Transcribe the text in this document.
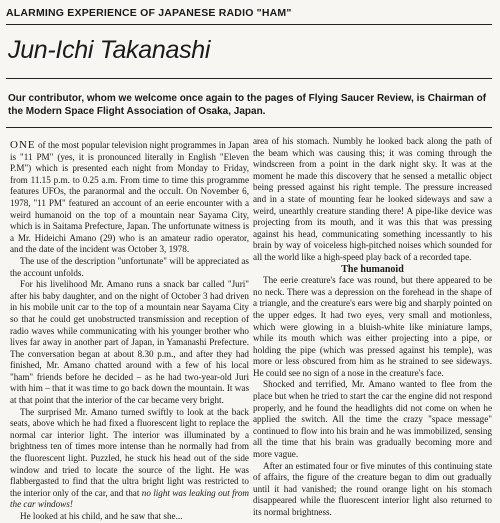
ALARMING EXPERIENCE OF JAPANESE RADIO "HAM"
Jun-Ichi Takanashi

Our contributor, whom we welcome once again to the pages of Flying Saucer Review, is Chairman of the Modern Space Flight Association of Osaka, Japan.

ONE of the most popular television night programmes in Japan is "11 PM" (yes, it is pronounced literally in English "Eleven P.M") which is presented each night from Monday to Friday, from 11.15 p.m. to 0.25 a.m. From time to time this programme features UFOs, the paranormal and the occult. On November 6, 1978, "11 PM" featured an account of an eerie encounter with a weird humanoid on the top of a mountain near Sayama City, which is in Saitama Prefecture, Japan. The unfortunate witness is a Mr. Hideichi Amano (29) who is an amateur radio operator, and the date of the incident was October 3, 1978.

The use of the description "unfortunate" will be appreciated as the account unfolds.

For his livelihood Mr. Amano runs a snack bar called "Juri" after his baby daughter, and on the night of October 3 had driven in his mobile unit car to the top of a mountain near Sayama City so that he could get unobstructed transmission and reception of radio waves while communicating with his younger brother who lives far away in another part of Japan, in Yamanashi Prefecture. The conversation began at about 8.30 p.m., and after they had finished, Mr. Amano chatted around with a few of his local "ham" friends before he decided – as he had two-year-old Juri with him – that it was time to go back down the mountain. It was at that point that the interior of the car became very bright.

The surprised Mr. Amano turned swiftly to look at the back seats, above which he had fixed a fluorescent light to replace the normal car interior light. The interior was illuminated by a brightness ten of times more intense than he normally had from the fluorescent light. Puzzled, he stuck his head out of the side window and tried to locate the source of the light. He was flabbergasted to find that the ultra bright light was restricted to the interior only of the car, and that no light was leaking out from the car windows!

He looked at his child, and he saw that she...

area of his stomach. Numbly he looked back along the path of the beam which was causing this; it was coming through the windscreen from a point in the dark night sky. It was at the moment he made this discovery that he sensed a metallic object being pressed against his right temple. The pressure increased and in a state of mounting fear he looked sideways and saw a weird, unearthly creature standing there! A pipe-like device was projecting from its mouth, and it was this that was pressing against his head, communicating something incessantly to his brain by way of voiceless high-pitched noises which sounded for all the world like a high-speed play back of a recorded tape.

The humanoid

The eerie creature's face was round, but there appeared to be no neck. There was a depression on the forehead in the shape of a triangle, and the creature's ears were big and sharply pointed on the upper edges. It had two eyes, very small and motionless, which were glowing in a bluish-white like miniature lamps, while its mouth which was either projecting into a pipe, or holding the pipe (which was pressed against his temple), was more or less obscured from him as he strained to see sideways. He could see no sign of a nose in the creature's face.

Shocked and terrified, Mr. Amano wanted to flee from the place but when he tried to start the car the engine did not respond properly, and he found the headlights did not come on when he applied the switch. All the time the crazy "space message" continued to flow into his brain and he was immobilized, sensing all the time that his brain was gradually becoming more and more vague.

After an estimated four or five minutes of this continuing state of affairs, the figure of the creature began to dim out gradually until it had vanished; the round orange light on his stomach disappeared while the fluorescent interior light also returned to its normal brightness.
